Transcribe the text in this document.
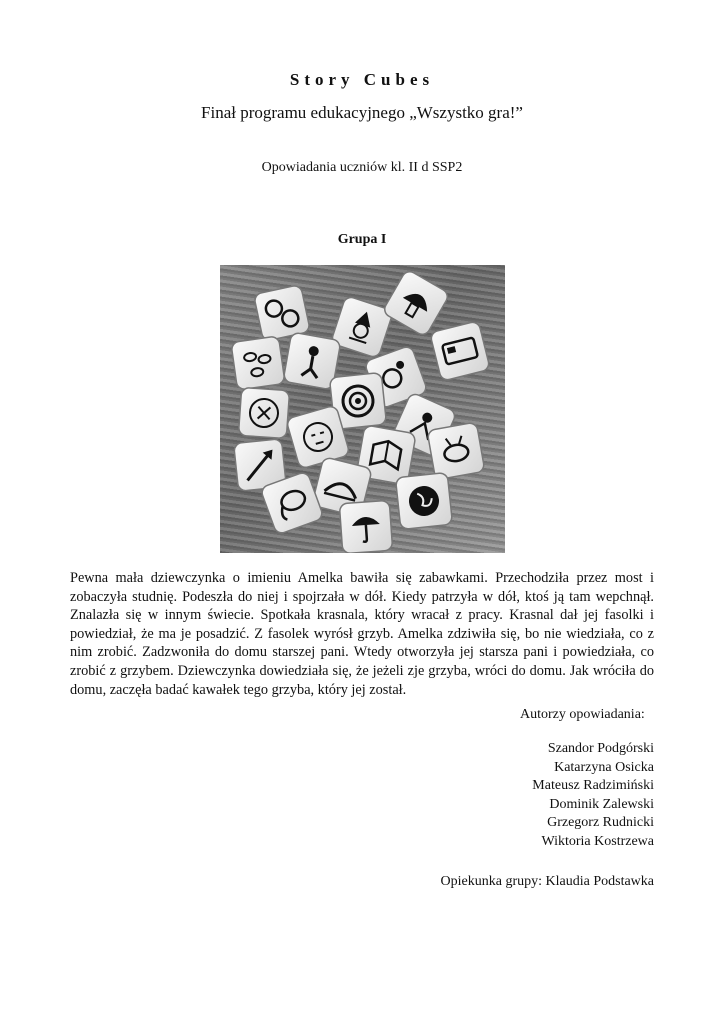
Story Cubes
Finał programu edukacyjnego „Wszystko gra!”
Opowiadania uczniów kl. II d SSP2
Grupa I
Pewna mała dziewczynka o imieniu Amelka bawiła się zabawkami. Przechodziła przez most i zobaczyła studnię. Podeszła do niej i spojrzała w dół. Kiedy patrzyła w dół, ktoś ją tam wepchnął. Znalazła się w innym świecie. Spotkała krasnala, który wracał z pracy. Krasnal dał jej fasolki i powiedział, że ma je posadzić. Z fasolek wyrósł grzyb. Amelka zdziwiła się, bo nie wiedziała, co z nim zrobić. Zadzwoniła do domu starszej pani. Wtedy otworzyła jej starsza pani i powiedziała, co zrobić z grzybem. Dziewczynka dowiedziała się, że jeżeli zje grzyba, wróci do domu. Jak wróciła do domu, zaczęła badać kawałek tego grzyba, który jej został.
Autorzy opowiadania:
Szandor Podgórski
Katarzyna Osicka
Mateusz Radzimiński
Dominik Zalewski
Grzegorz Rudnicki
Wiktoria Kostrzewa
Opiekunka grupy: Klaudia Podstawka
